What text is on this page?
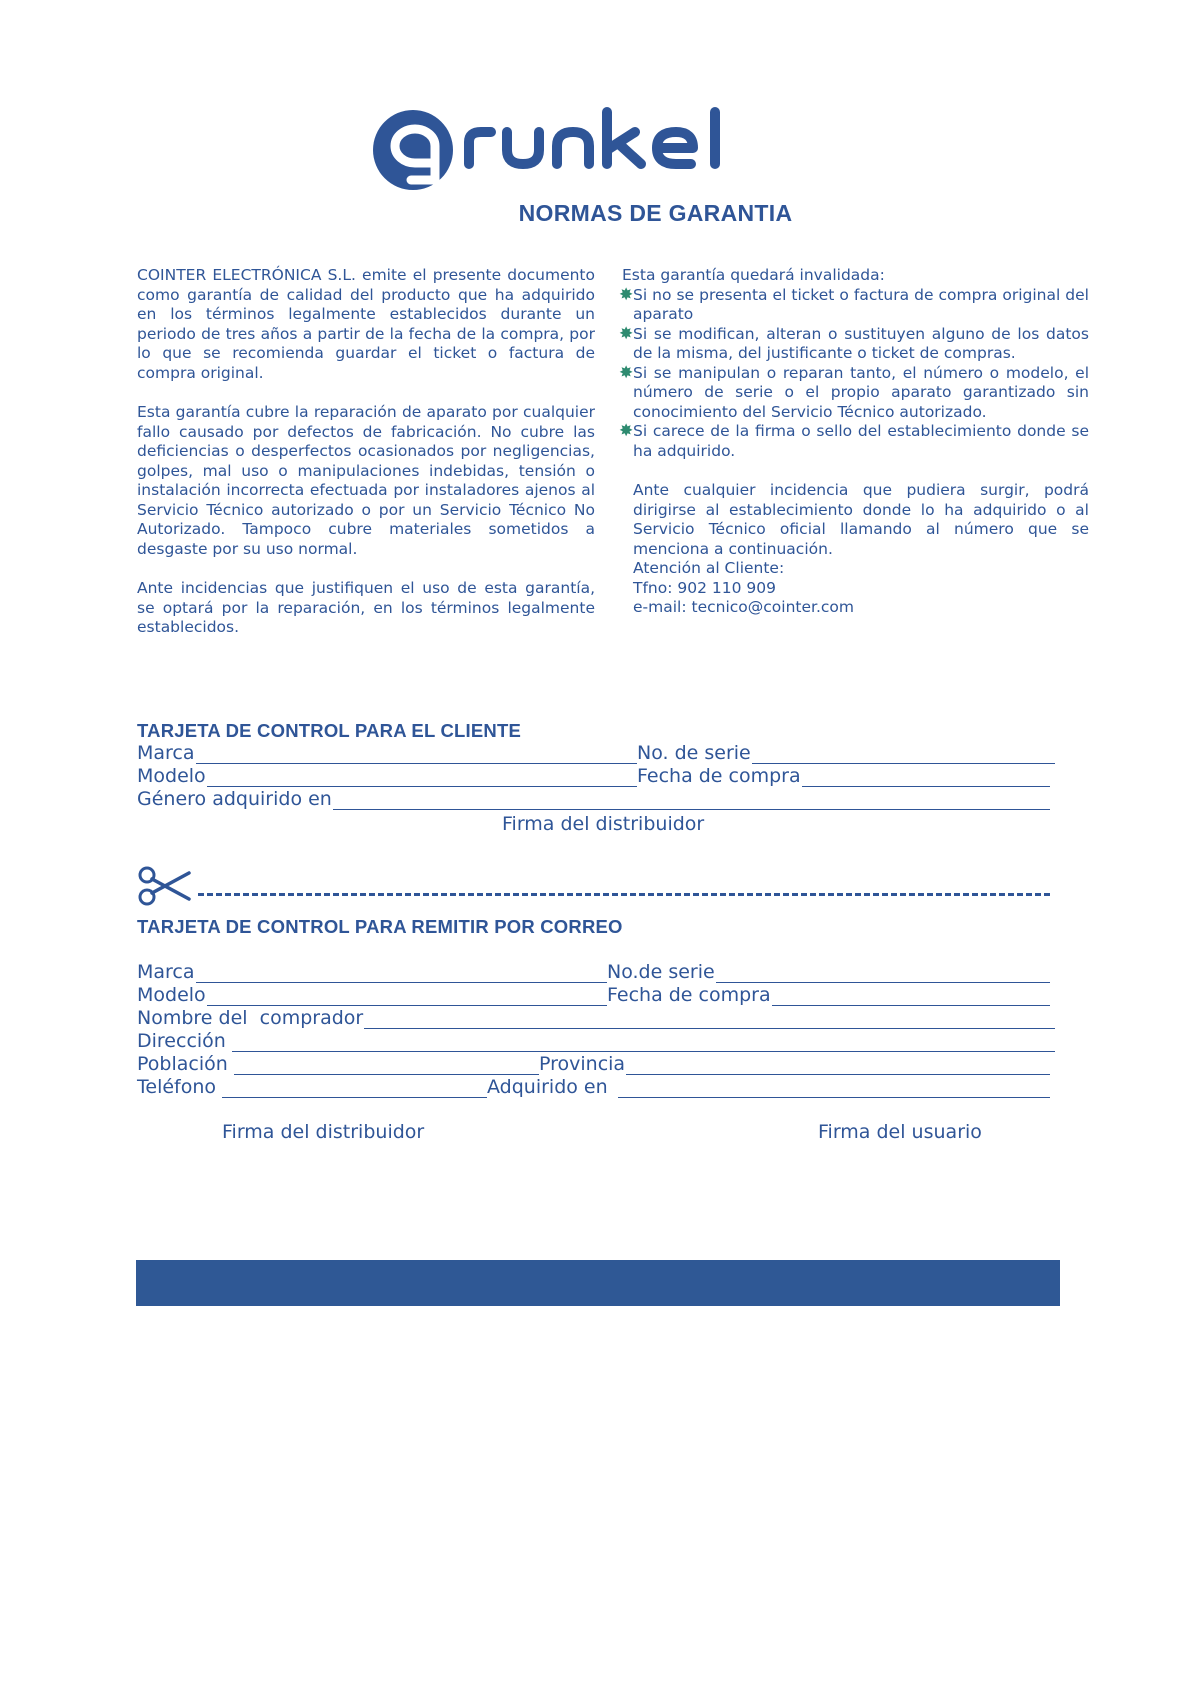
NORMAS DE GARANTIA

COINTER ELECTRÓNICA S.L. emite el presente documento como garantía de calidad del producto que ha adquirido en los términos legalmente establecidos durante un periodo de tres años a partir de la fecha de la compra, por lo que se recomienda guardar el ticket o factura de compra original.

Esta garantía cubre la reparación de aparato por cualquier fallo causado por defectos de fabricación. No cubre las deficiencias o desperfectos ocasionados por negligencias, golpes, mal uso o manipulaciones indebidas, tensión o instalación incorrecta efectuada por instaladores ajenos al Servicio Técnico autorizado o por un Servicio Técnico No Autorizado. Tampoco cubre materiales sometidos a desgaste por su uso normal.

Ante incidencias que justifiquen el uso de esta garantía, se optará por la reparación, en los términos legalmente establecidos.

Esta garantía quedará invalidada:

✸ Si no se presenta el ticket o factura de compra original del aparato
✸ Si se modifican, alteran o sustituyen alguno de los datos de la misma, del justificante o ticket de compras.
✸ Si se manipulan o reparan tanto, el número o modelo, el número de serie o el propio aparato garantizado sin conocimiento del Servicio Técnico autorizado.
✸ Si carece de la firma o sello del establecimiento donde se ha adquirido.

Ante cualquier incidencia que pudiera surgir, podrá dirigirse al establecimiento donde lo ha adquirido o al Servicio Técnico oficial llamando al número que se menciona a continuación.

Atención al Cliente:

Tfno: 902 110 909

e-mail: tecnico@cointer.com

TARJETA DE CONTROL PARA EL CLIENTE
Marca	No. de serie
Modelo	Fecha de compra
Género adquirido en
Firma del distribuidor
TARJETA DE CONTROL PARA REMITIR POR CORREO
Marca	No.de serie
Modelo	Fecha de compra
Nombre del  comprador
Dirección
Población	Provincia
Teléfono	Adquirido en
Firma del distribuidor	Firma del usuario
